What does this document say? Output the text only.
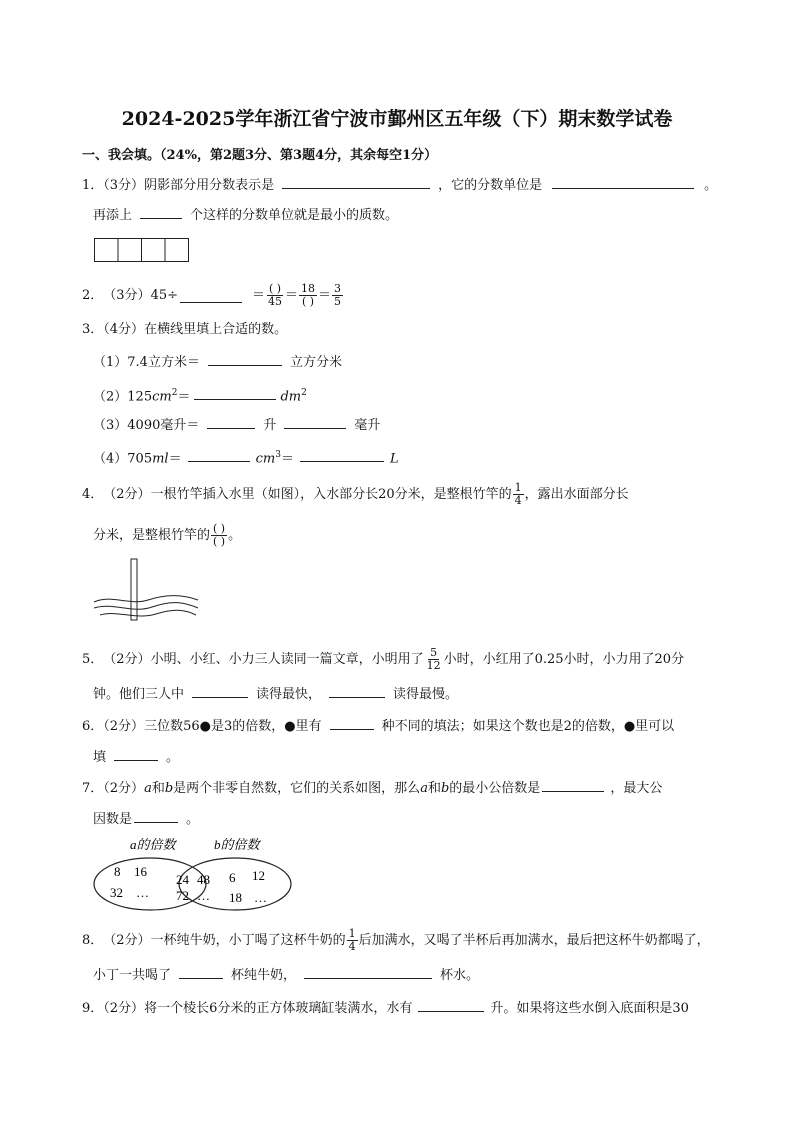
2024-2025学年浙江省宁波市鄞州区五年级（下）期末数学试卷
一、我会填。（24%，第2题3分、第3题4分，其余每空1分）
1．（3分）阴影部分用分数表示是	，它的分数单位是	。
再添上	个这样的分数单位就是最小的质数。
2． （3分） 45÷	＝ $\frac{( )}{45} = \frac{18}{( )} = \frac{3}{5}$
3．（4分）在横线里填上合适的数。
（1）7.4立方米＝	立方分米
$(2)125cm^2=$	$dm^2$
（3）4090毫升＝	升	毫升
（4）705ml＝	$cm^3=$	L
4． （2分） 一根竹竿插入水里（如图），入水部分长20分米，是整根竹竿的 $\frac{1}{4}$ ，露出水面部分长
分米，是整根竹竿的 $\frac{( )}{( )}$ 。
5． （2分） 小明、小红、小力三人读同一篇文章，小明用了 $\frac{5}{12}$ 小时，小红用了0.25小时，小力用了20分
钟。他们三人中	读得最快，	读得最慢。
6．（2分）三位数56●是3的倍数，●里有	种不同的填法；如果这个数也是2的倍数，●里可以
填	。
7．（2分）a和b是两个非零自然数，它们的关系如图，那么a和b的最小公倍数是	，最大公
因数是	。
a的倍数	b的倍数
8 16
32 …
24 48
72 …
6 12
18 …
8． （2分） 一杯纯牛奶，小丁喝了这杯牛奶的 $\frac{1}{4}$ 后加满水，又喝了半杯后再加满水，最后把这杯牛奶都喝了，
小丁一共喝了	杯纯牛奶，	杯水。
9．（2分）将一个棱长6分米的正方体玻璃缸装满水，水有	升。如果将这些水倒入底面积是30
